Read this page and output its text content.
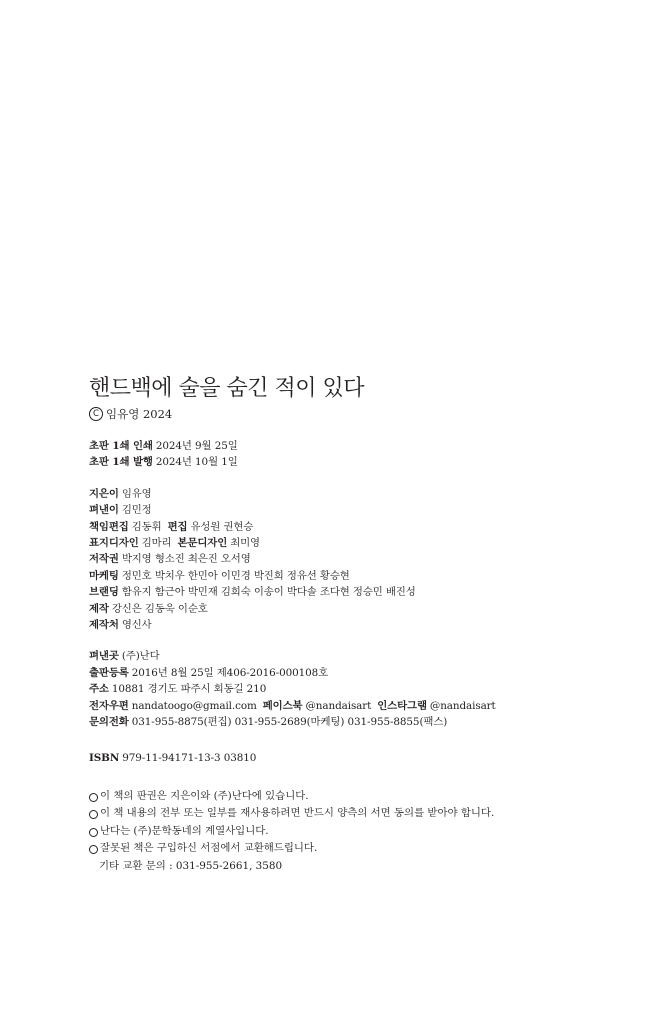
핸드백에 술을 숨긴 적이 있다
C
임유영 2024
초판 1쇄 인쇄 2024년 9월 25일
초판 1쇄 발행 2024년 10월 1일
지은이 임유영
펴낸이 김민정
책임편집 김동휘 편집 유성원 권현승
표지디자인 김마리 본문디자인 최미영
저작권 박지영 형소진 최은진 오서영
마케팅 정민호 박치우 한민아 이민경 박진희 정유선 황승현
브랜딩 함유지 함근아 박민재 김희숙 이송이 박다솔 조다현 정승민 배진성
제작 강신은 김동욱 이순호
제작처 영신사
펴낸곳 (주)난다
출판등록 2016년 8월 25일 제406-2016-000108호
주소 10881 경기도 파주시 회동길 210
전자우편 nandatoogo@gmail.com 페이스북 @nandaisart 인스타그램 @nandaisart
문의전화 031-955-8875(편집) 031-955-2689(마케팅) 031-955-8855(팩스)
ISBN 979-11-94171-13-3 03810
이 책의 판권은 지은이와 (주)난다에 있습니다.
이 책 내용의 전부 또는 일부를 재사용하려면 반드시 양측의 서면 동의를 받아야 합니다.
난다는 (주)문학동네의 계열사입니다.
잘못된 책은 구입하신 서점에서 교환해드립니다.
기타 교환 문의 : 031-955-2661, 3580
